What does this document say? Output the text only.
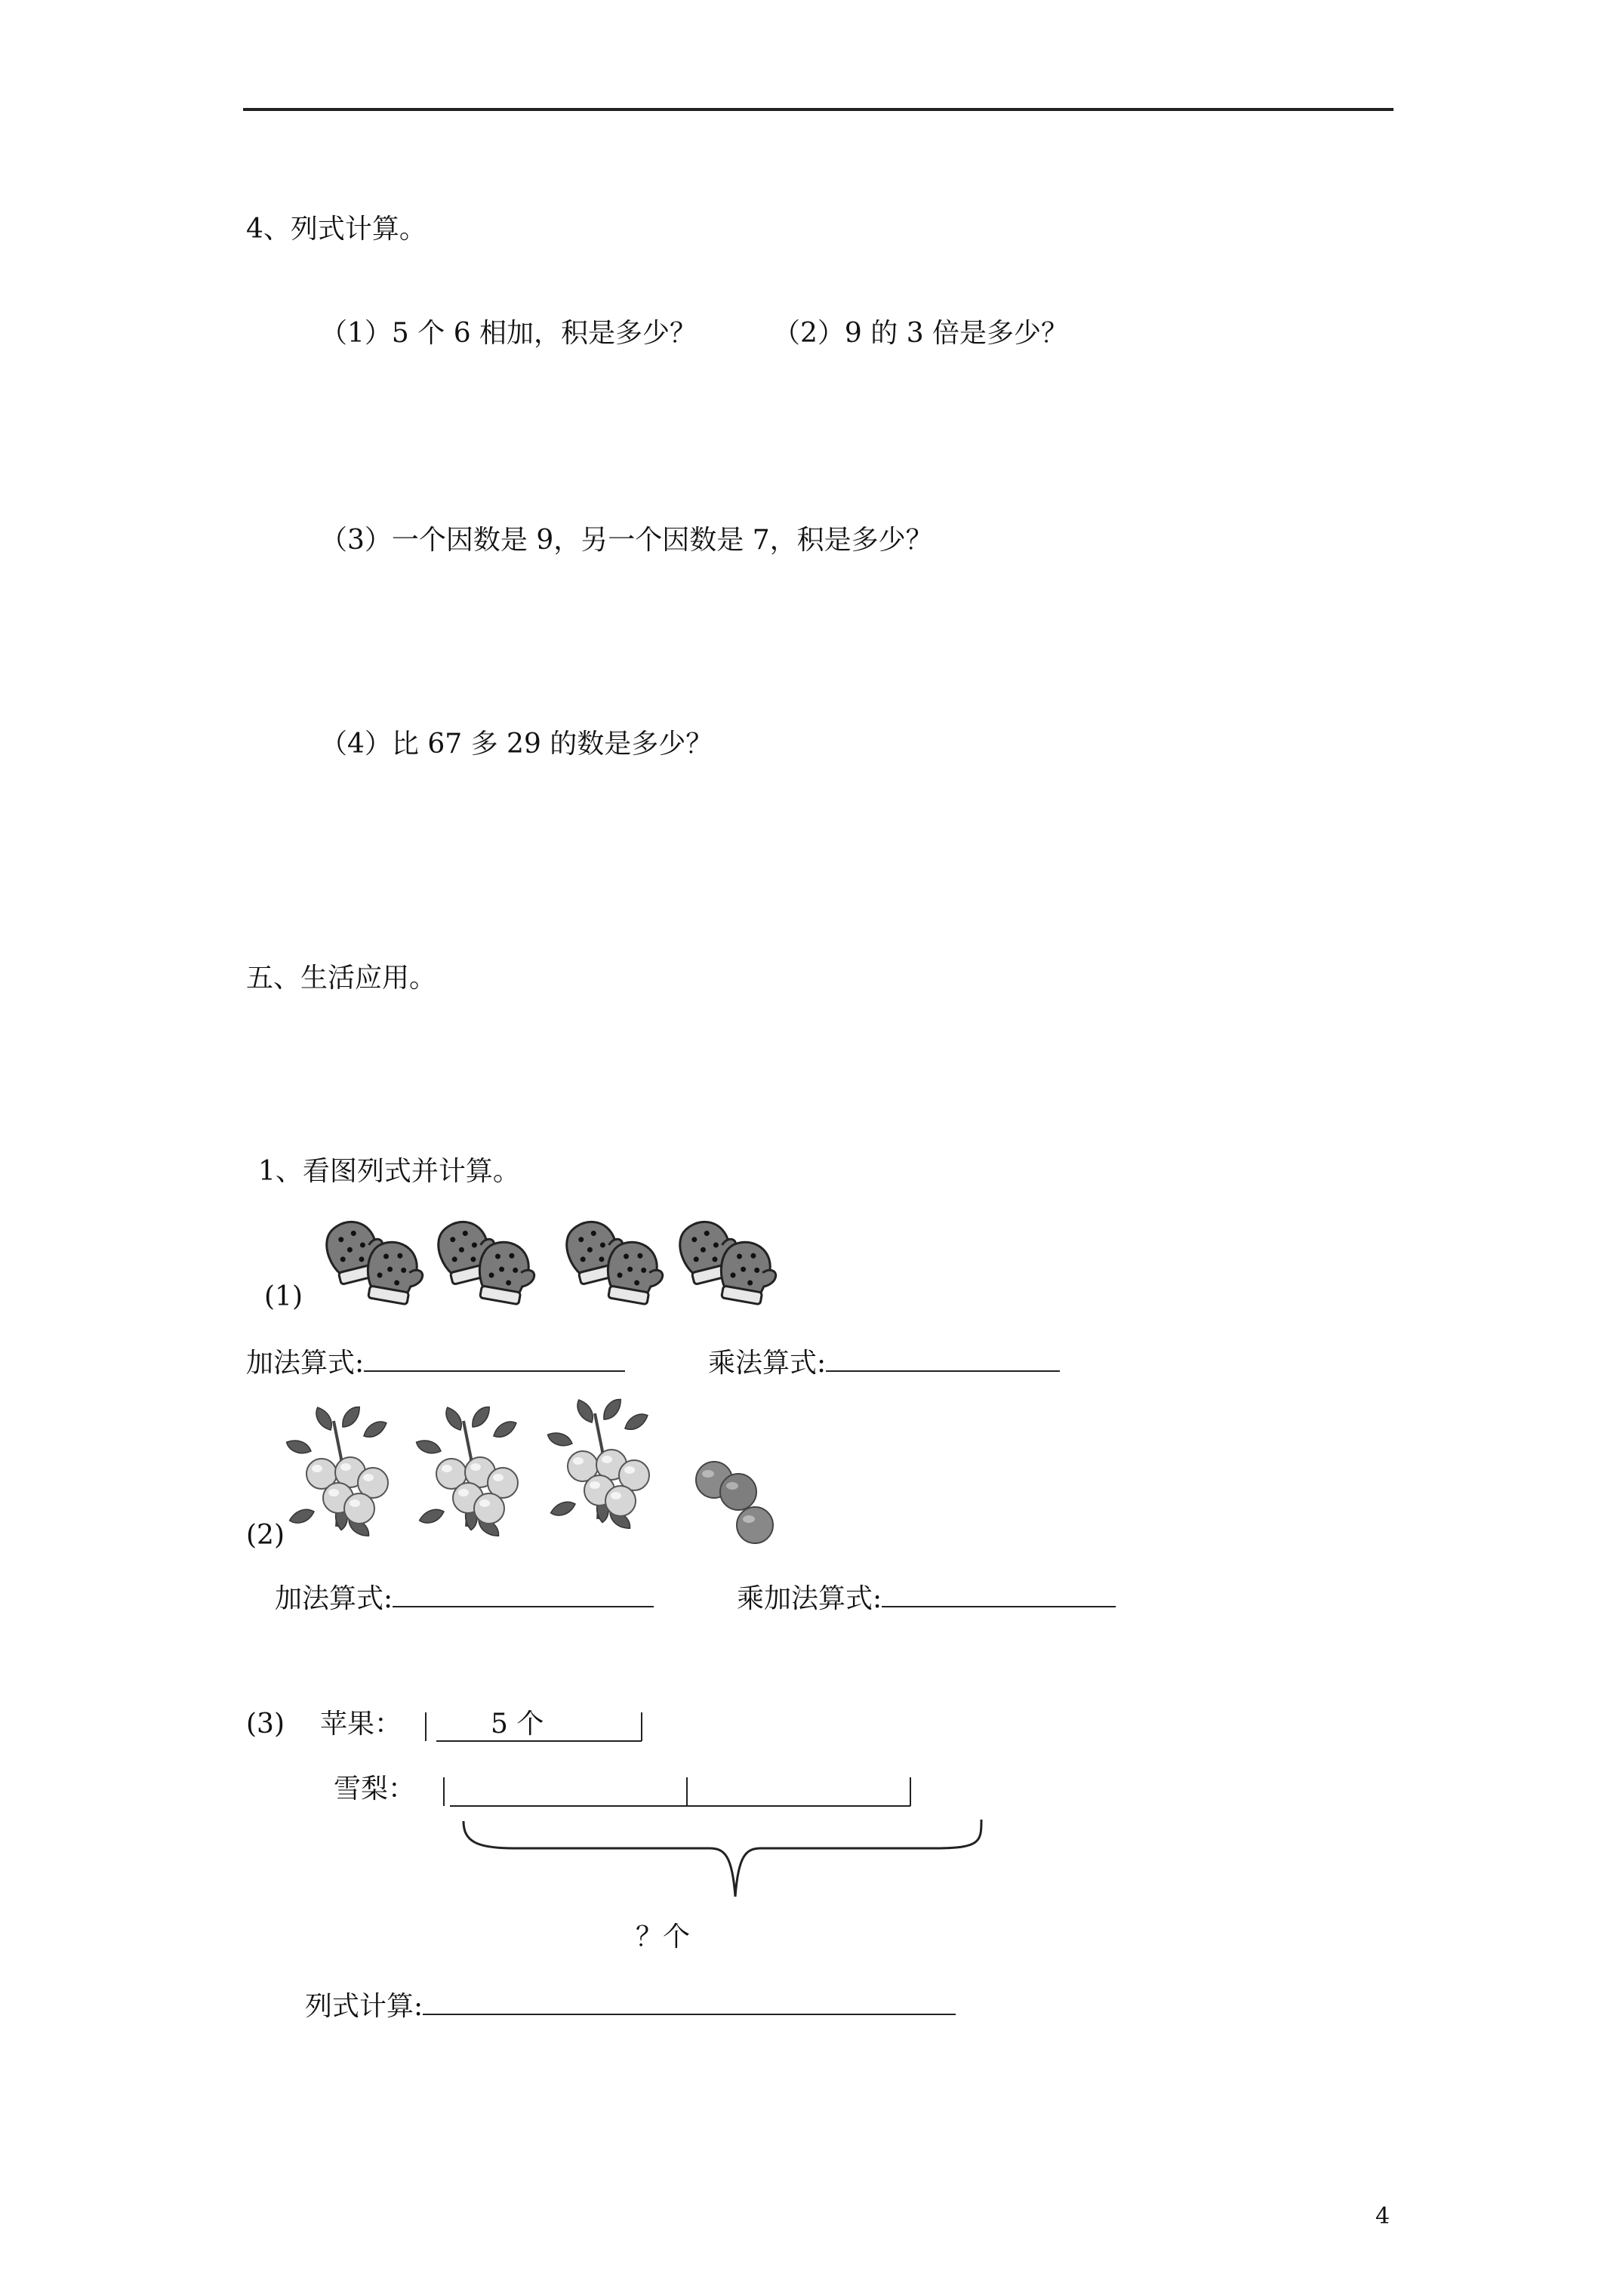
4、列式计算。
（1）5 个 6 相加，积是多少？	（2）9 的 3 倍是多少？
（3）一个因数是 9，另一个因数是 7，积是多少？
（4）比 67 多 29 的数是多少？
五、生活应用。
1、看图列式并计算。
(1)
加法算式:	乘法算式:
(2)
加法算式:	乘加法算式:
(3) 苹果：	5 个
雪梨：
？个
列式计算:
4
